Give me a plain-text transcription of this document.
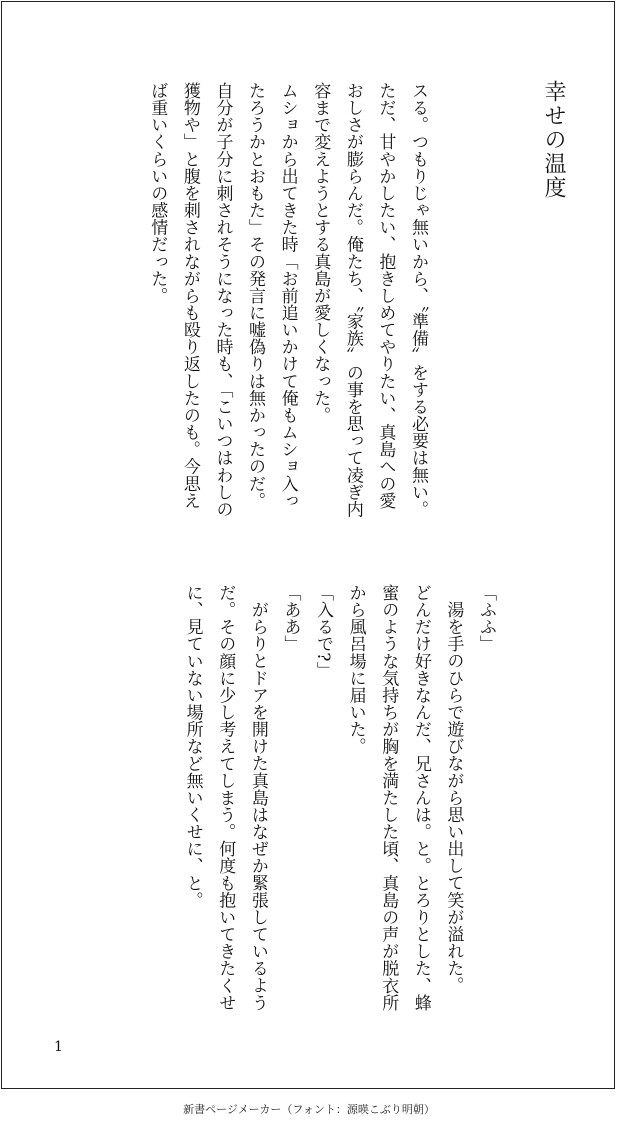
幸せの温度

スる。つもりじゃ無いから、〝準備〟をする必要は無い。ただ、甘やかしたい、抱きしめてやりたい、真島への愛おしさが膨らんだ。俺たち、〝家族〟の事を思って凌ぎ内容まで変えようとする真島が愛しくなった。

ムショから出てきた時「お前追いかけて俺もムショ入ったろうかとおもた」その発言に嘘偽りは無かったのだ。自分が子分に刺されそうになった時も、「こいつはわしの獲物や」と腹を刺されながらも殴り返したのも。今思えば重いくらいの感情だった。

「ふふ」

湯を手のひらで遊びながら思い出して笑が溢れた。

どんだけ好きなんだ、兄さんは。と。とろりとした、蜂蜜のような気持ちが胸を満たした頃、真島の声が脱衣所から風呂場に届いた。

「入るで?」

「ああ」

がらりとドアを開けた真島はなぜか緊張しているようだ。その顔に少し考えてしまう。何度も抱いてきたくせに、見ていない場所など無いくせに、と。

1
新書ページメーカー（フォント：源暎こぶり明朝）
